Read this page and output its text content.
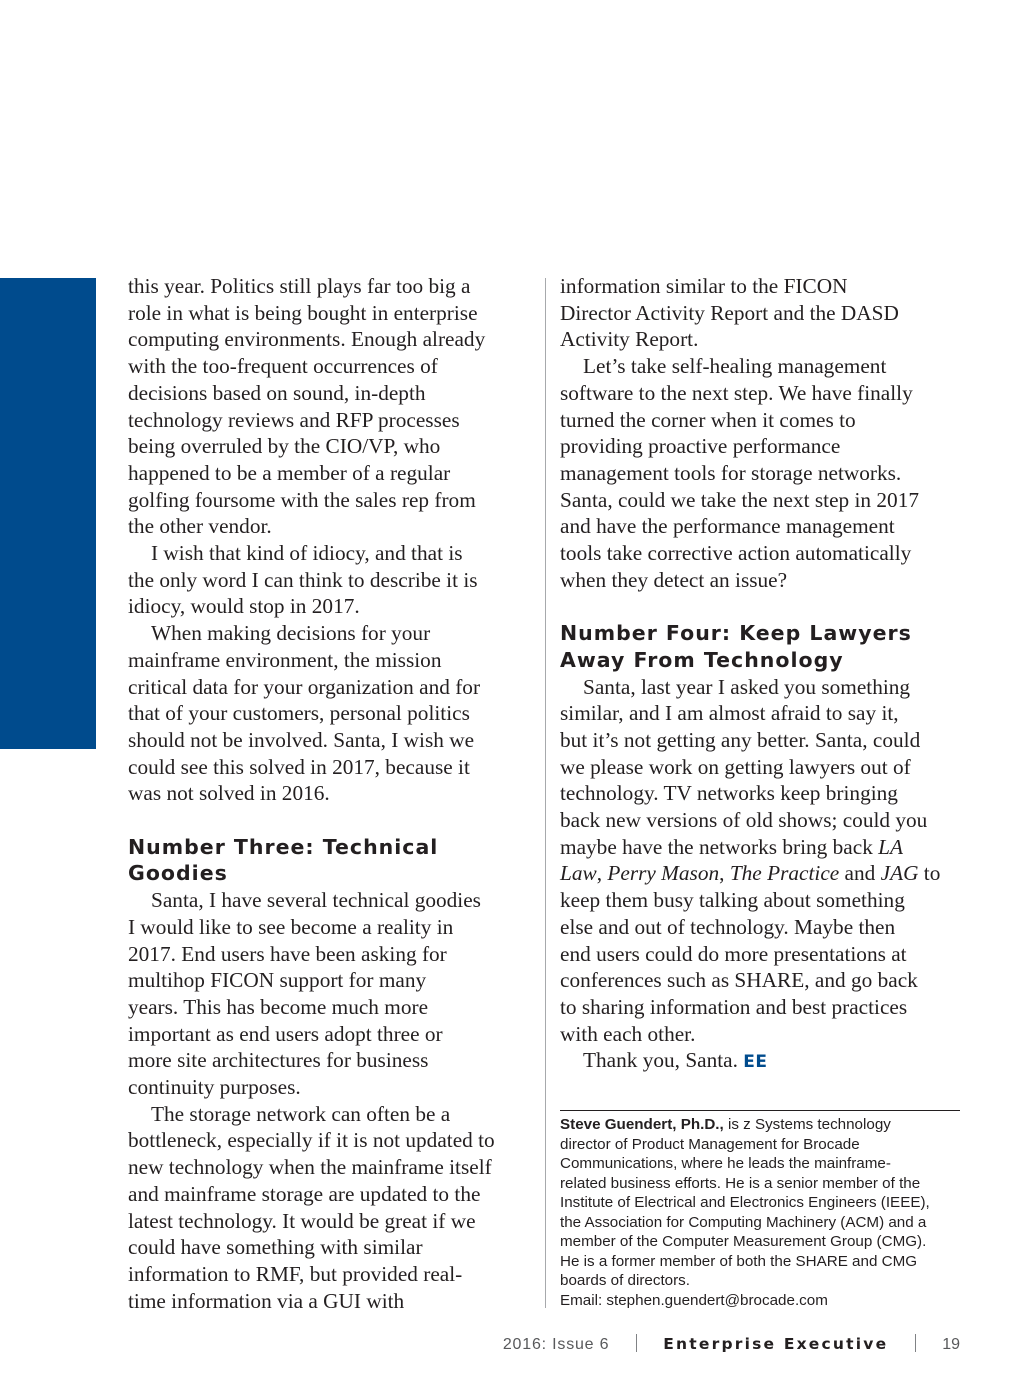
this year. Politics still plays far too big a
role in what is being bought in enterprise
computing environments. Enough already
with the too-frequent occurrences of
decisions based on sound, in-depth
technology reviews and RFP processes
being overruled by the CIO/VP, who
happened to be a member of a regular
golfing foursome with the sales rep from
the other vendor.

I wish that kind of idiocy, and that is
the only word I can think to describe it is
idiocy, would stop in 2017.

When making decisions for your
mainframe environment, the mission
critical data for your organization and for
that of your customers, personal politics
should not be involved. Santa, I wish we
could see this solved in 2017, because it
was not solved in 2016.

Number Three: Technical
Goodies

Santa, I have several technical goodies
I would like to see become a reality in
2017. End users have been asking for
multihop FICON support for many
years. This has become much more
important as end users adopt three or
more site architectures for business
continuity purposes.

The storage network can often be a
bottleneck, especially if it is not updated to
new technology when the mainframe itself
and mainframe storage are updated to the
latest technology. It would be great if we
could have something with similar
information to RMF, but provided real-
time information via a GUI with

information similar to the FICON
Director Activity Report and the DASD
Activity Report.

Let’s take self-healing management
software to the next step. We have finally
turned the corner when it comes to
providing proactive performance
management tools for storage networks.
Santa, could we take the next step in 2017
and have the performance management
tools take corrective action automatically
when they detect an issue?

Number Four: Keep Lawyers
Away From Technology

Santa, last year I asked you something
similar, and I am almost afraid to say it,
but it’s not getting any better. Santa, could
we please work on getting lawyers out of
technology. TV networks keep bringing
back new versions of old shows; could you
maybe have the networks bring back LA
Law, Perry Mason, The Practice and JAG to
keep them busy talking about something
else and out of technology. Maybe then
end users could do more presentations at
conferences such as SHARE, and go back
to sharing information and best practices
with each other.

Thank you, Santa. EE

Steve Guendert, Ph.D., is z Systems technology
director of Product Management for Brocade
Communications, where he leads the mainframe-
related business efforts. He is a senior member of the
Institute of Electrical and Electronics Engineers (IEEE),
the Association for Computing Machinery (ACM) and a
member of the Computer Measurement Group (CMG).
He is a former member of both the SHARE and CMG
boards of directors.
Email: stephen.guendert@brocade.com
2016: Issue 6	Enterprise Executive	19
